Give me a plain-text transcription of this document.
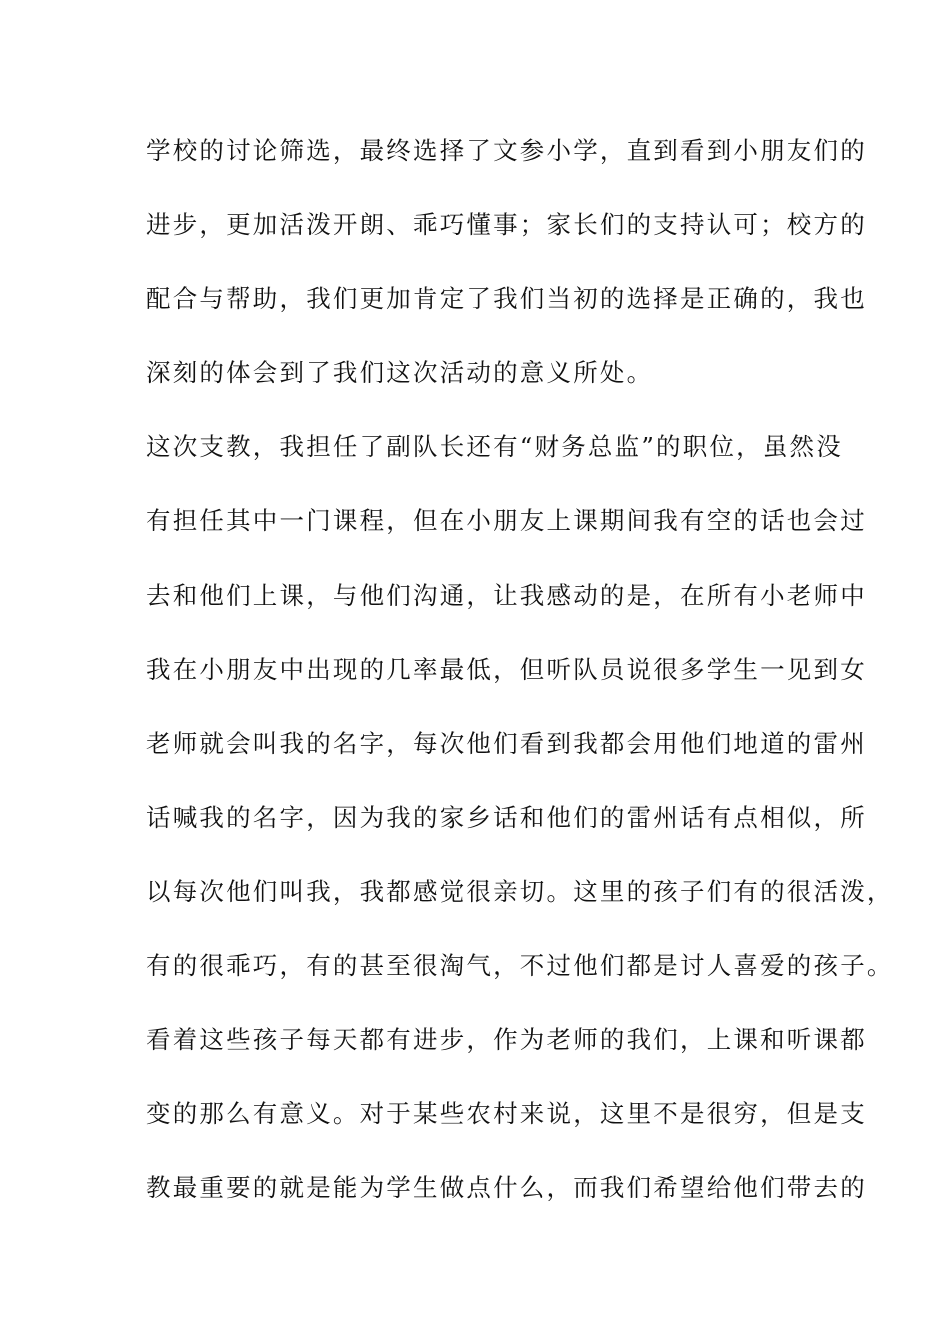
学校的讨论筛选，最终选择了文参小学，直到看到小朋友们的
进步，更加活泼开朗、乖巧懂事；家长们的支持认可；校方的
配合与帮助，我们更加肯定了我们当初的选择是正确的，我也
深刻的体会到了我们这次活动的意义所处。
这次支教，我担任了副队长还有“财务总监”的职位，虽然没
有担任其中一门课程，但在小朋友上课期间我有空的话也会过
去和他们上课，与他们沟通，让我感动的是，在所有小老师中
我在小朋友中出现的几率最低，但听队员说很多学生一见到女
老师就会叫我的名字，每次他们看到我都会用他们地道的雷州
话喊我的名字，因为我的家乡话和他们的雷州话有点相似，所
以每次他们叫我，我都感觉很亲切。这里的孩子们有的很活泼，
有的很乖巧，有的甚至很淘气，不过他们都是讨人喜爱的孩子。
看着这些孩子每天都有进步，作为老师的我们，上课和听课都
变的那么有意义。对于某些农村来说，这里不是很穷，但是支
教最重要的就是能为学生做点什么，而我们希望给他们带去的
